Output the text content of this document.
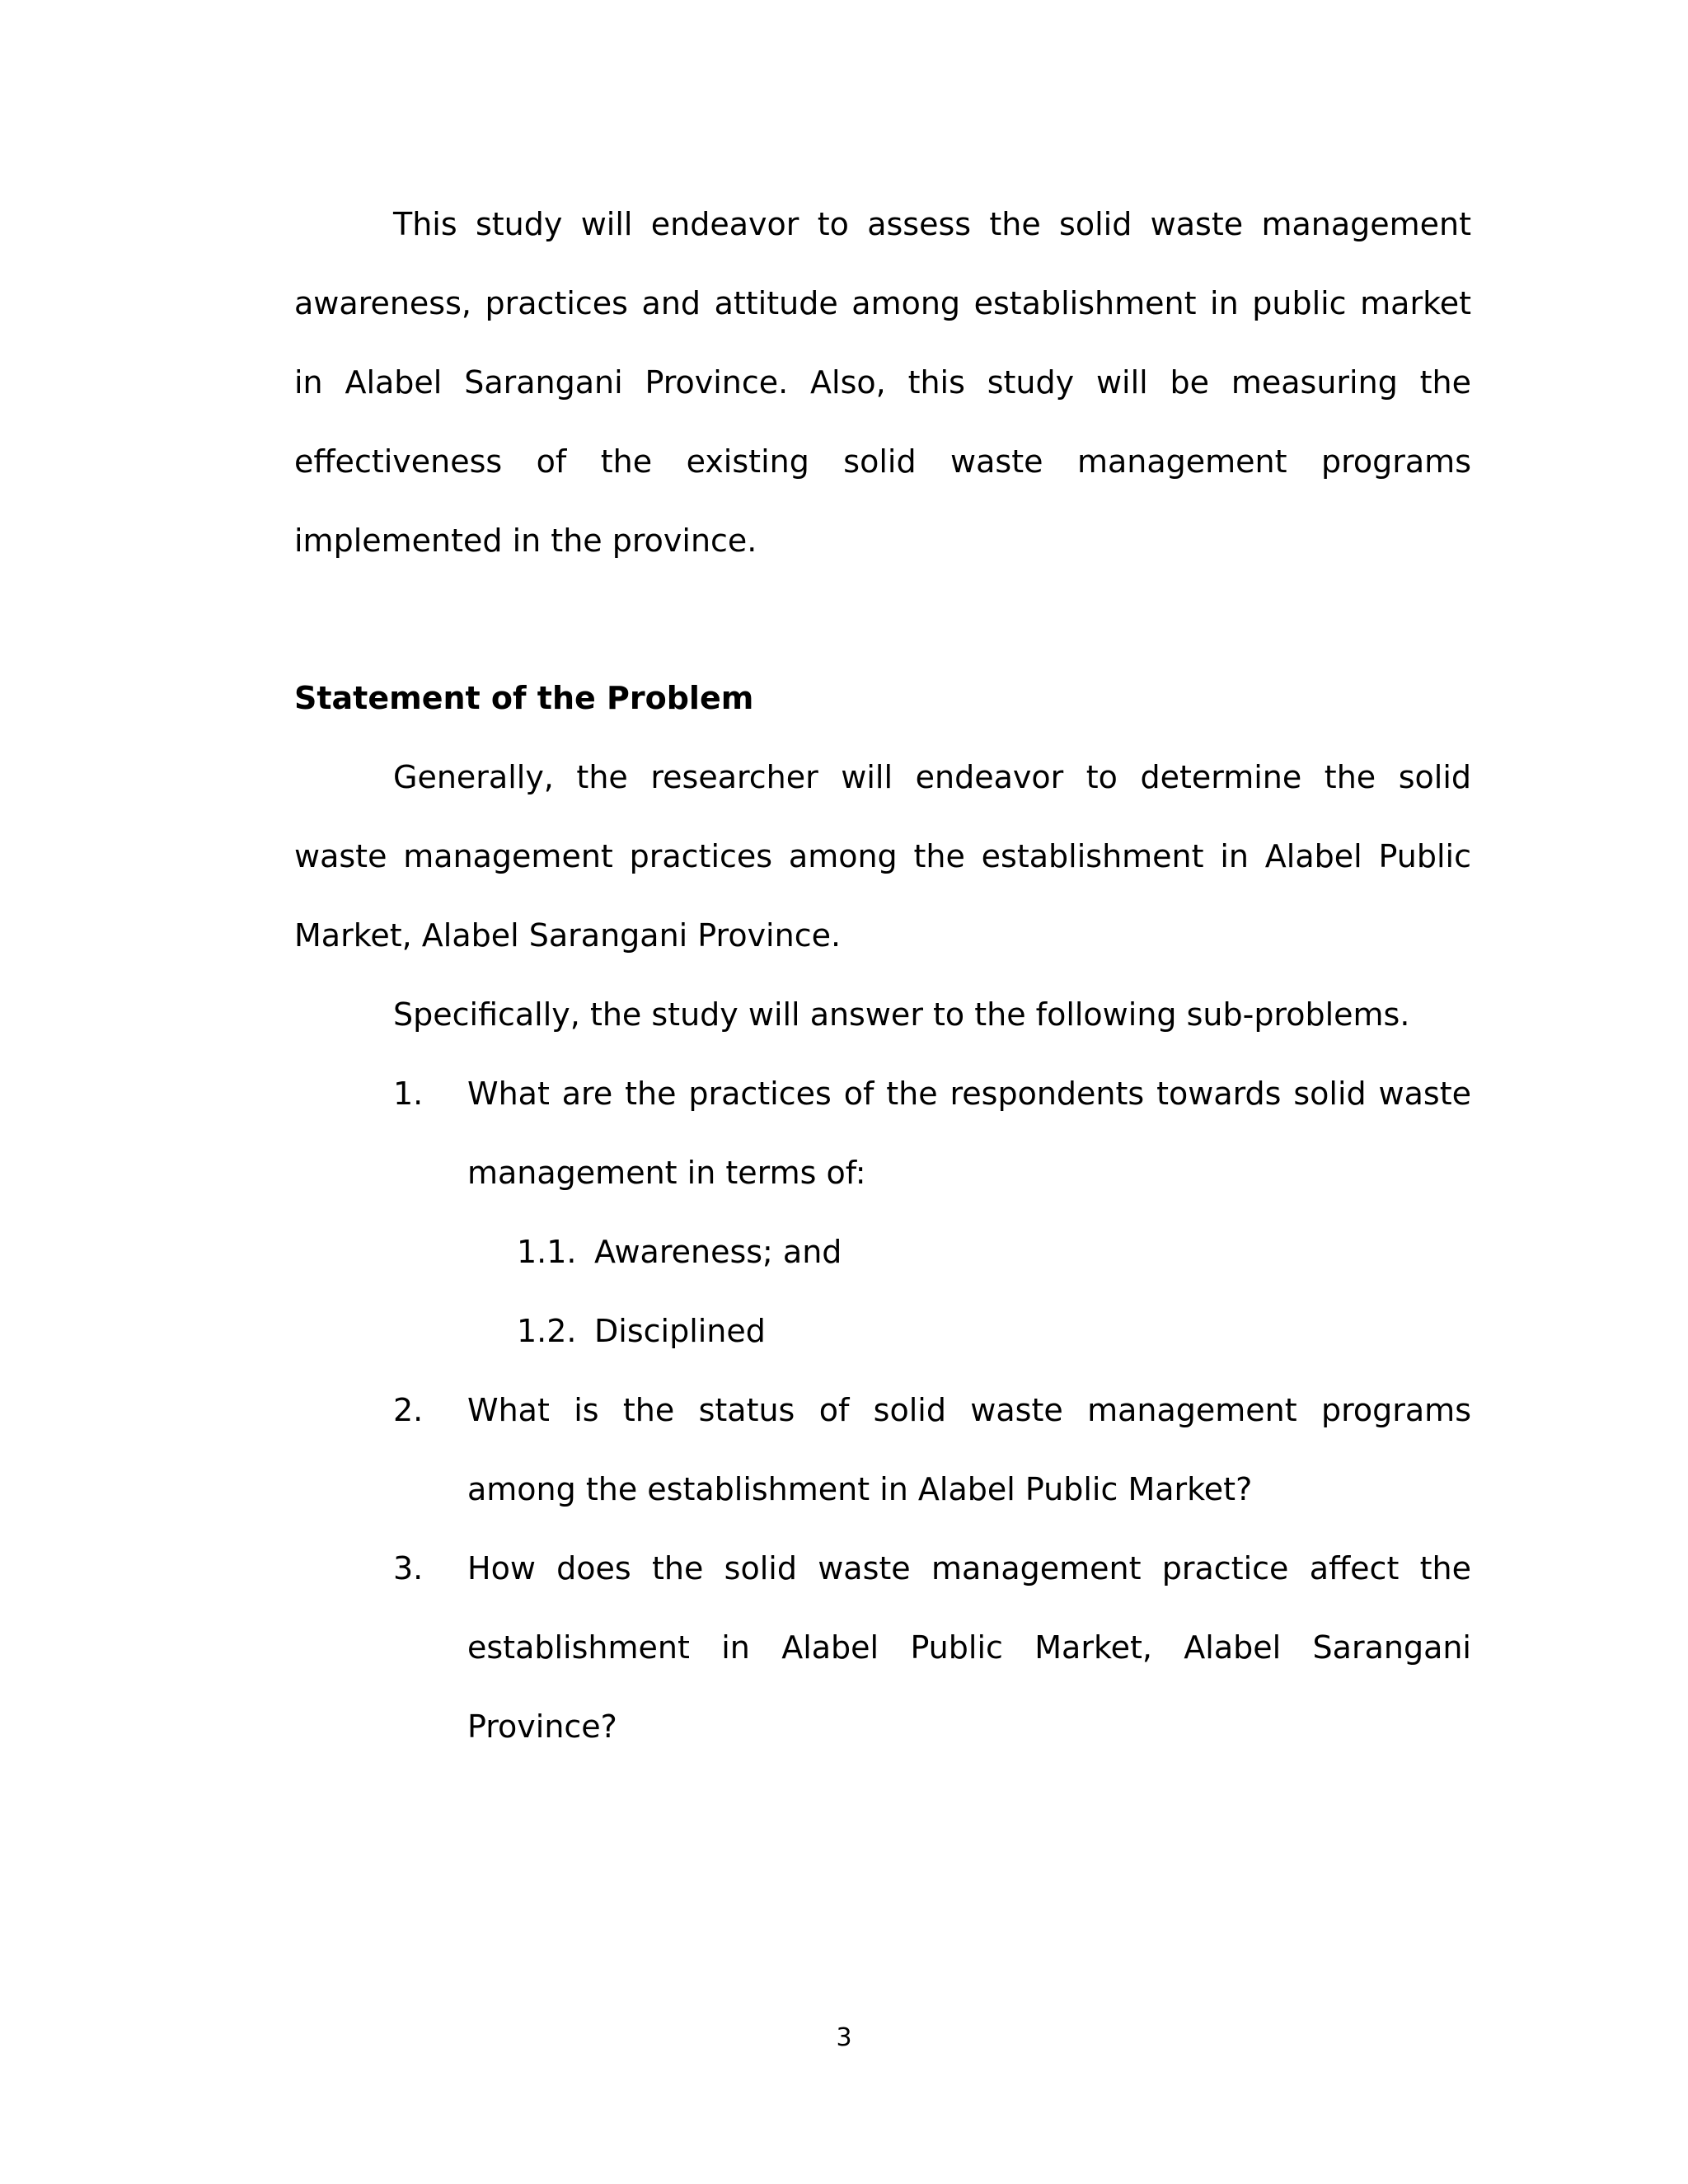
This study will endeavor to assess the solid waste management awareness, practices and attitude among establishment in public market in Alabel Sarangani Province. Also, this study will be measuring the effectiveness of the existing solid waste management programs implemented in the province.

Statement of the Problem

Generally, the researcher will endeavor to determine the solid waste management practices among the establishment in Alabel Public Market, Alabel Sarangani Province.

Specifically, the study will answer to the following sub-problems.

1. What are the practices of the respondents towards solid waste management in terms of:

1.1. Awareness; and
1.2. Disciplined
2. What is the status of solid waste management programs among the establishment in Alabel Public Market?

3. How does the solid waste management practice affect the establishment in Alabel Public Market, Alabel Sarangani Province?

3
